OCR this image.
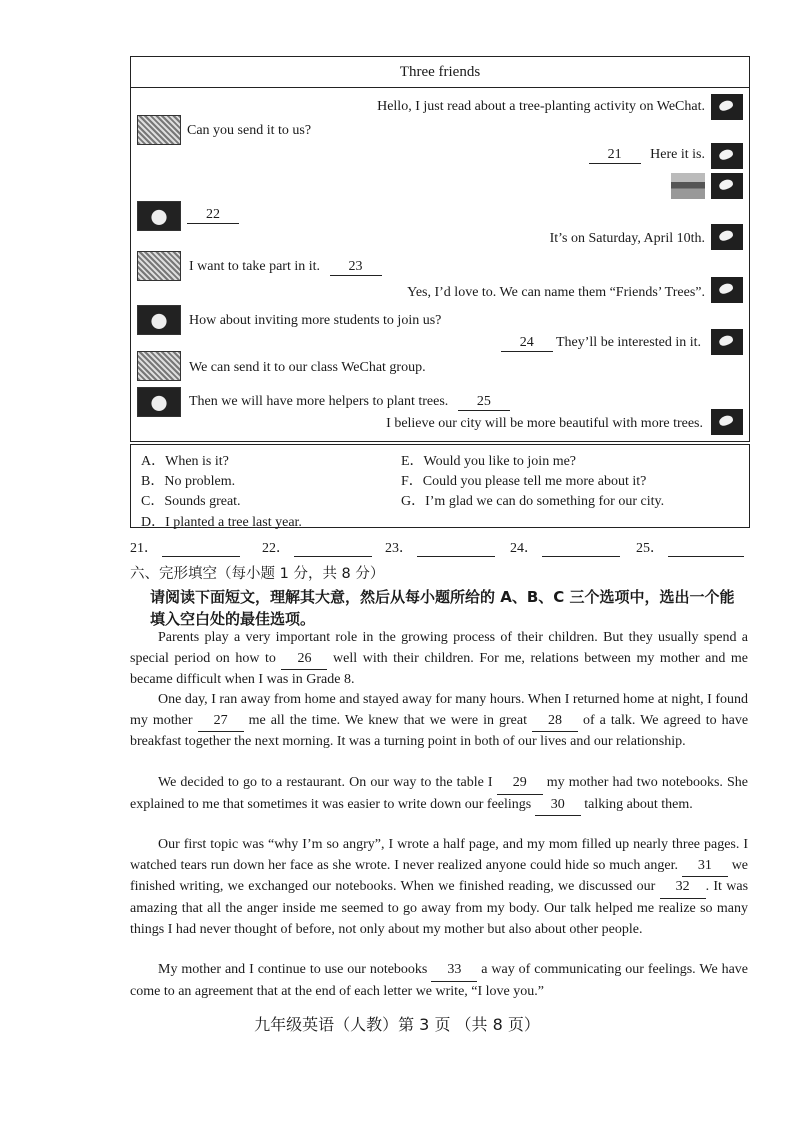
Three friends
Hello, I just read about a tree-planting activity on WeChat.
Can you send it to us?
21 Here it is.
22
It’s on Saturday, April 10th.
I want to take part in it. 23
Yes, I’d love to. We can name them “Friends’ Trees”.
How about inviting more students to join us?
24 They’ll be interested in it.
We can send it to our class WeChat group.
Then we will have more helpers to plant trees. 25
I believe our city will be more beautiful with more trees.
A．When is it?
B．No problem.
C．Sounds great.
D．I planted a tree last year.
E．Would you like to join me?
F．Could you please tell me more about it?
G．I’m glad we can do something for our city.
21．	22．	23．	24．	25．
六、完形填空（每小题 1 分，共 8 分）
请阅读下面短文，理解其大意，然后从每小题所给的 A、B、C 三个选项中，选出一个能填入空白处的最佳选项。
Parents play a very important role in the growing process of their children. But they usually spend a special period on how to 26 well with their children. For me, relations between my mother and me became difficult when I was in Grade 8.
One day, I ran away from home and stayed away for many hours. When I returned home at night, I found my mother 27 me all the time. We knew that we were in great 28 of a talk. We agreed to have breakfast together the next morning. It was a turning point in both of our lives and our relationship.
We decided to go to a restaurant. On our way to the table I 29 my mother had two notebooks. She explained to me that sometimes it was easier to write down our feelings 30 talking about them.
Our first topic was “why I’m so angry”, I wrote a half page, and my mom filled up nearly three pages. I watched tears run down her face as she wrote. I never realized anyone could hide so much anger. 31 we finished writing, we exchanged our notebooks. When we finished reading, we discussed our 32 . It was amazing that all the anger inside me seemed to go away from my body. Our talk helped me realize so many things I had never thought of before, not only about my mother but also about other people.
My mother and I continue to use our notebooks 33 a way of communicating our feelings. We have come to an agreement that at the end of each letter we write, “I love you.”
九年级英语（人教）第 3 页 （共 8 页）
